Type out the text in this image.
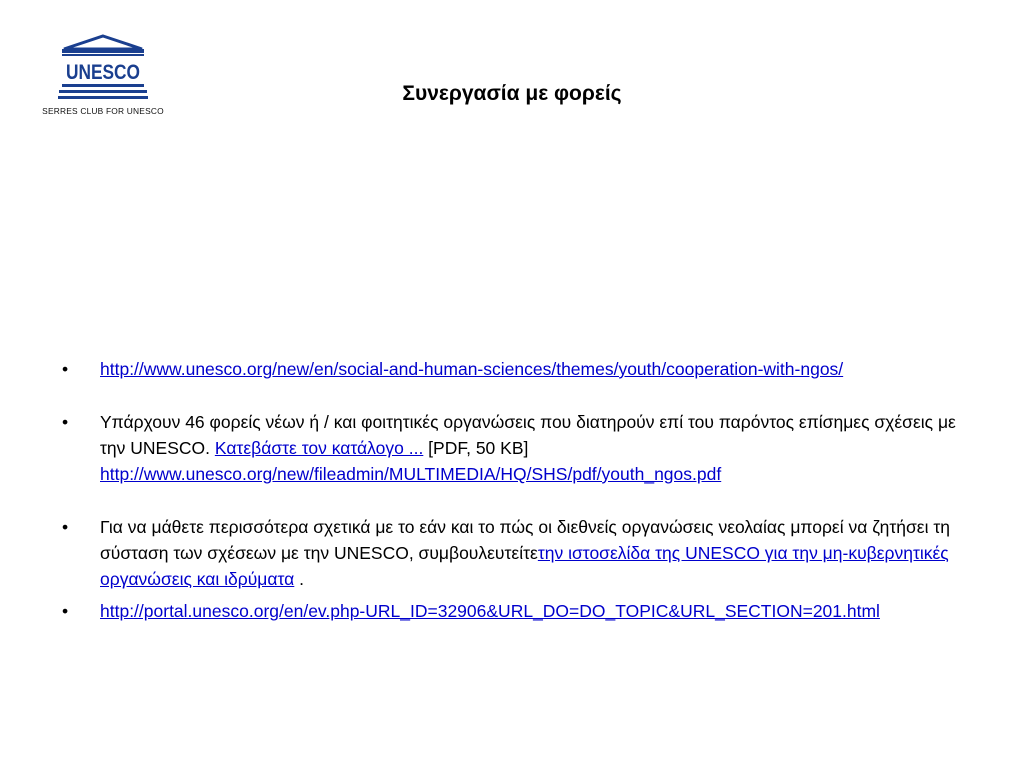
UNESCO
SERRES CLUB FOR UNESCO
Συνεργασία με φορείς
• http://www.unesco.org/new/en/social-and-human-sciences/themes/youth/cooperation-with-ngos/
• Υπάρχουν 46 φορείς νέων ή / και φοιτητικές οργανώσεις που διατηρούν επί του παρόντος επίσημες σχέσεις με την UNESCO. Κατεβάστε τον κατάλογο ... [PDF, 50 KB] http://www.unesco.org/new/fileadmin/MULTIMEDIA/HQ/SHS/pdf/youth_ngos.pdf
• Για να μάθετε περισσότερα σχετικά με το εάν και το πώς οι διεθνείς οργανώσεις νεολαίας μπορεί να ζητήσει τη σύσταση των σχέσεων με την UNESCO, συμβουλευτείτετην ιστοσελίδα της UNESCO για την μη-κυβερνητικές οργανώσεις και ιδρύματα .
• http://portal.unesco.org/en/ev.php-URL_ID=32906&URL_DO=DO_TOPIC&URL_SECTION=201.html
